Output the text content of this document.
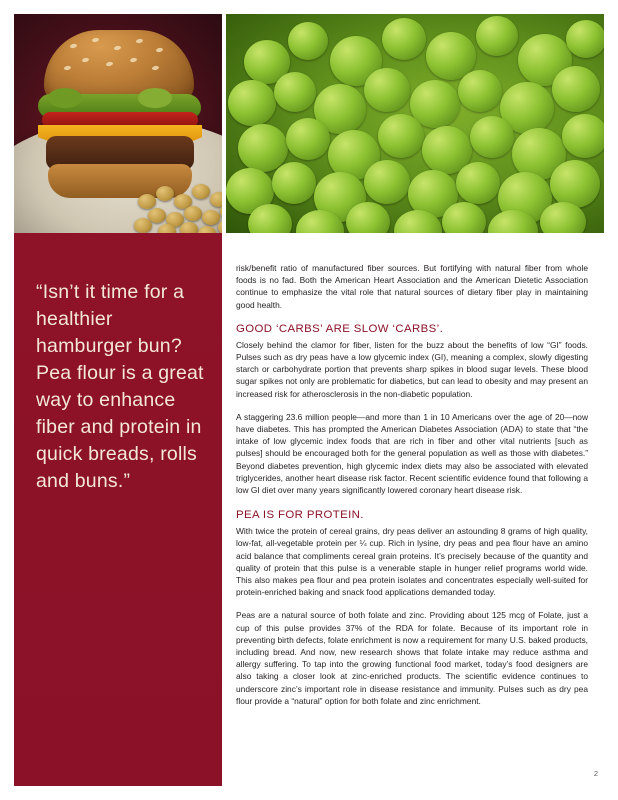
“Isn’t it time for a healthier hamburger bun? Pea flour is a great way to enhance fiber and protein in quick breads, rolls and buns.”

risk/benefit ratio of manufactured fiber sources. But fortifying with natural fiber from whole foods is no fad. Both the American Heart Association and the American Dietetic Association continue to emphasize the vital role that natural sources of dietary fiber play in maintaining good health.

GOOD ‘CARBS’ ARE SLOW ‘CARBS’.

Closely behind the clamor for fiber, listen for the buzz about the benefits of low “GI” foods. Pulses such as dry peas have a low glycemic index (GI), meaning a complex, slowly digesting starch or carbohydrate portion that prevents sharp spikes in blood sugar levels. These blood sugar spikes not only are problematic for diabetics, but can lead to obesity and may present an increased risk for atherosclerosis in the non-diabetic population.

A staggering 23.6 million people—and more than 1 in 10 Americans over the age of 20—now have diabetes. This has prompted the American Diabetes Association (ADA) to state that “the intake of low glycemic index foods that are rich in fiber and other vital nutrients [such as pulses] should be encouraged both for the general population as well as those with diabetes.” Beyond diabetes prevention, high glycemic index diets may also be associated with elevated triglycerides, another heart disease risk factor. Recent scientific evidence found that following a low GI diet over many years significantly lowered coronary heart disease risk.

PEA IS FOR PROTEIN.

With twice the protein of cereal grains, dry peas deliver an astounding 8 grams of high quality, low-fat, all-vegetable protein per ¼ cup. Rich in lysine, dry peas and pea flour have an amino acid balance that compliments cereal grain proteins. It’s precisely because of the quantity and quality of protein that this pulse is a venerable staple in hunger relief programs world wide. This also makes pea flour and pea protein isolates and concentrates especially well-suited for protein-enriched baking and snack food applications demanded today.

Peas are a natural source of both folate and zinc. Providing about 125 mcg of Folate, just a cup of this pulse provides 37% of the RDA for folate. Because of its important role in preventing birth defects, folate enrichment is now a requirement for many U.S. baked products, including bread. And now, new research shows that folate intake may reduce asthma and allergy suffering. To tap into the growing functional food market, today’s food designers are also taking a closer look at zinc-enriched products. The scientific evidence continues to underscore zinc’s important role in disease resistance and immunity. Pulses such as dry pea flour provide a “natural” option for both folate and zinc enrichment.

2
